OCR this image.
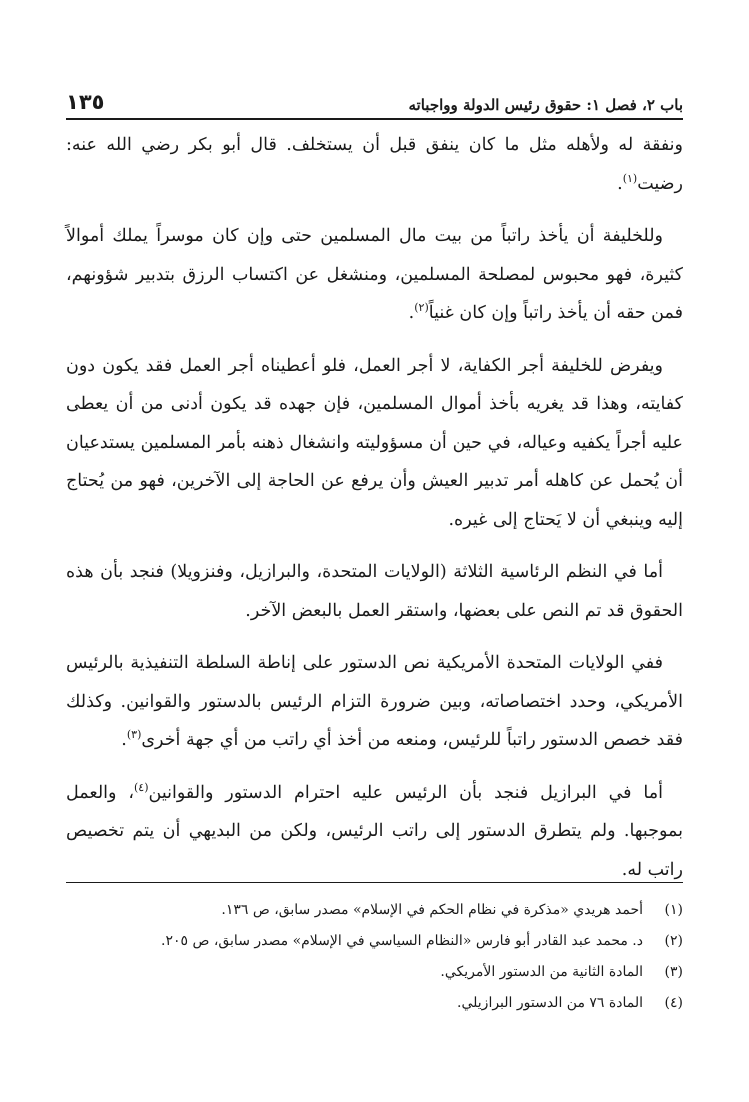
باب ٢، فصل ١: حقوق رئيس الدولة وواجباته
١٣٥

ونفقة له ولأهله مثل ما كان ينفق قبل أن يستخلف. قال أبو بكر رضي الله عنه: رضيت$^{(١)}$.

وللخليفة أن يأخذ راتباً من بيت مال المسلمين حتى وإن كان موسراً يملك أموالاً كثيرة، فهو محبوس لمصلحة المسلمين، ومنشغل عن اكتساب الرزق بتدبير شؤونهم، فمن حقه أن يأخذ راتباً وإن كان غنياً$^{(٢)}$.

ويفرض للخليفة أجر الكفاية، لا أجر العمل، فلو أعطيناه أجر العمل فقد يكون دون كفايته، وهذا قد يغريه بأخذ أموال المسلمين، فإن جهده قد يكون أدنى من أن يعطى عليه أجراً يكفيه وعياله، في حين أن مسؤوليته وانشغال ذهنه بأمر المسلمين يستدعيان أن يُحمل عن كاهله أمر تدبير العيش وأن يرفع عن الحاجة إلى الآخرين، فهو من يُحتاج إليه وينبغي أن لا يَحتاج إلى غيره.

أما في النظم الرئاسية الثلاثة (الولايات المتحدة، والبرازيل، وفنزويلا) فنجد بأن هذه الحقوق قد تم النص على بعضها، واستقر العمل بالبعض الآخر.

ففي الولايات المتحدة الأمريكية نص الدستور على إناطة السلطة التنفيذية بالرئيس الأمريكي، وحدد اختصاصاته، وبين ضرورة التزام الرئيس بالدستور والقوانين. وكذلك فقد خصص الدستور راتباً للرئيس، ومنعه من أخذ أي راتب من أي جهة أخرى$^{(٣)}$.

أما في البرازيل فنجد بأن الرئيس عليه احترام الدستور والقوانين$^{(٤)}$، والعمل بموجبها. ولم يتطرق الدستور إلى راتب الرئيس، ولكن من البديهي أن يتم تخصيص راتب له.

(١)أحمد هريدي «مذكرة في نظام الحكم في الإسلام» مصدر سابق، ص ١٣٦.
(٢)د. محمد عبد القادر أبو فارس «النظام السياسي في الإسلام» مصدر سابق، ص ٢٠٥.
(٣)المادة الثانية من الدستور الأمريكي.
(٤)المادة ٧٦ من الدستور البرازيلي.
